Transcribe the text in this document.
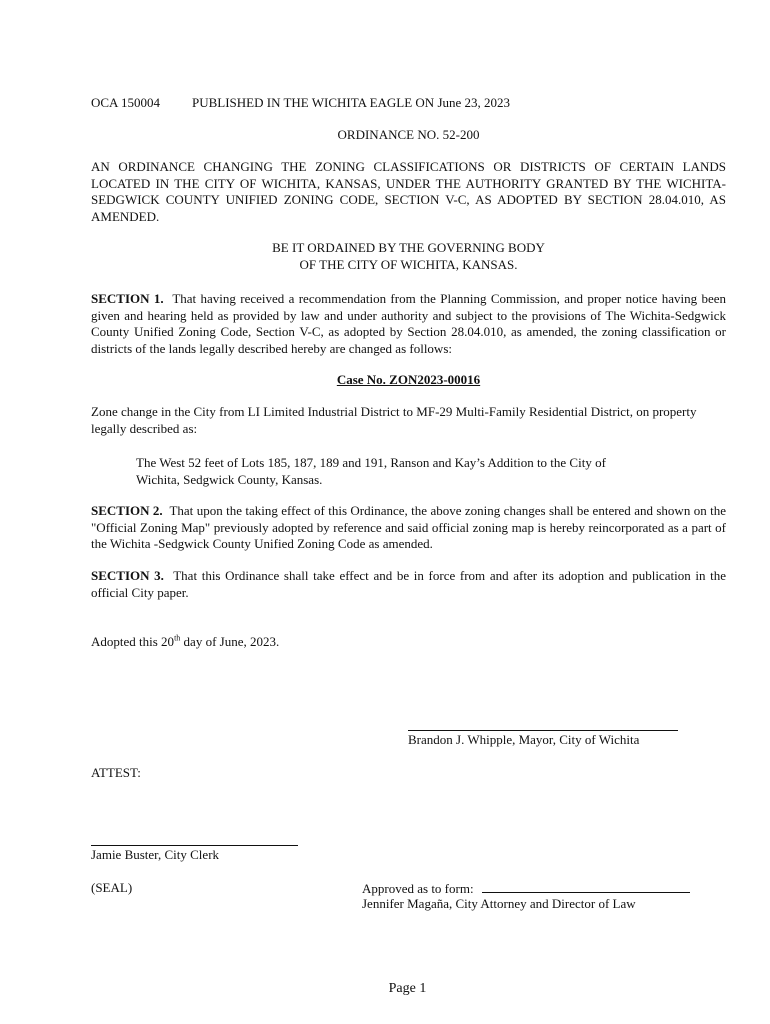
OCA 150004 PUBLISHED IN THE WICHITA EAGLE ON June 23, 2023
ORDINANCE NO. 52-200

AN ORDINANCE CHANGING THE ZONING CLASSIFICATIONS OR DISTRICTS OF CERTAIN LANDS LOCATED IN THE CITY OF WICHITA, KANSAS, UNDER THE AUTHORITY GRANTED BY THE WICHITA-SEDGWICK COUNTY UNIFIED ZONING CODE, SECTION V-C, AS ADOPTED BY SECTION 28.04.010, AS AMENDED.

BE IT ORDAINED BY THE GOVERNING BODY
OF THE CITY OF WICHITA, KANSAS.

SECTION 1. That having received a recommendation from the Planning Commission, and proper notice having been given and hearing held as provided by law and under authority and subject to the provisions of The Wichita-Sedgwick County Unified Zoning Code, Section V-C, as adopted by Section 28.04.010, as amended, the zoning classification or districts of the lands legally described hereby are changed as follows:

Case No. ZON2023-00016

Zone change in the City from LI Limited Industrial District to MF-29 Multi-Family Residential District, on property legally described as:

The West 52 feet of Lots 185, 187, 189 and 191, Ranson and Kay’s Addition to the City of
Wichita, Sedgwick County, Kansas.

SECTION 2. That upon the taking effect of this Ordinance, the above zoning changes shall be entered and shown on the "Official Zoning Map" previously adopted by reference and said official zoning map is hereby reincorporated as a part of the Wichita -Sedgwick County Unified Zoning Code as amended.

SECTION 3. That this Ordinance shall take effect and be in force from and after its adoption and publication in the official City paper.

Adopted this 20th day of June, 2023.
Brandon J. Whipple, Mayor, City of Wichita
ATTEST:
Jamie Buster, City Clerk
(SEAL)	Approved as to form:
Jennifer Magaña, City Attorney and Director of Law
Page 1
